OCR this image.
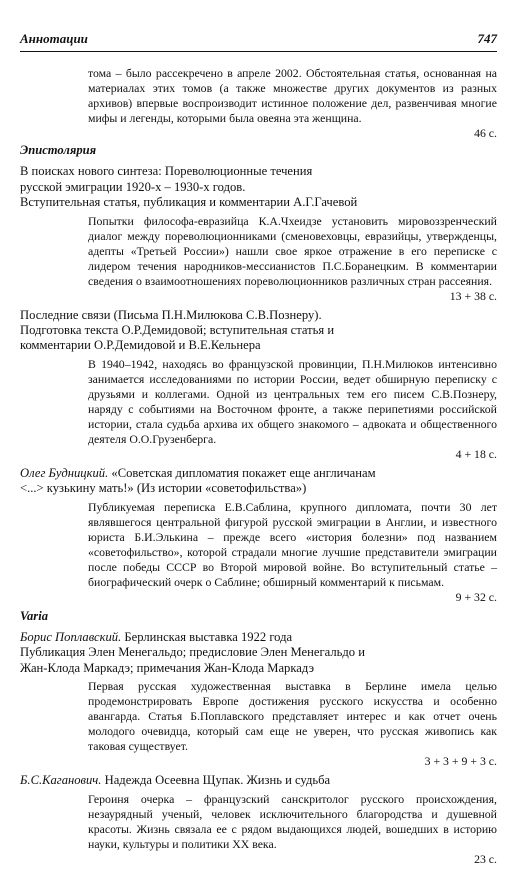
Аннотации	747
тома – было рассекречено в апреле 2002. Обстоятельная статья, основанная на материалах этих томов (а также множестве других документов из разных архивов) впервые воспроизводит истинное положение дел, развенчивая многие мифы и легенды, которыми была овеяна эта женщина.
46 с.
Эпистолярия
В поисках нового синтеза: Пореволюционные течения
русской эмиграции 1920-х – 1930-х годов.
Вступительная статья, публикация и комментарии А.Г.Гачевой
Попытки философа-евразийца К.А.Чхеидзе установить мировоззренческий диалог между пореволюционниками (сменовеховцы, евразийцы, утвержденцы, адепты «Третьей России») нашли свое яркое отражение в его переписке с лидером течения народников-мессианистов П.С.Боранецким. В комментарии сведения о взаимоотношениях пореволюционников различных стран рассеяния.
13 + 38 с.
Последние связи (Письма П.Н.Милюкова С.В.Познеру).
Подготовка текста О.Р.Демидовой; вступительная статья и
комментарии О.Р.Демидовой и В.Е.Кельнера
В 1940–1942, находясь во французской провинции, П.Н.Милюков интенсивно занимается исследованиями по истории России, ведет обширную переписку с друзьями и коллегами. Одной из центральных тем его писем С.В.Познеру, наряду с событиями на Восточном фронте, а также перипетиями российской истории, стала судьба архива их общего знакомого – адвоката и общественного деятеля О.О.Грузенберга.
4 + 18 с.
Олег Будницкий. «Советская дипломатия покажет еще англичанам
<...> кузькину мать!» (Из истории «советофильства»)
Публикуемая переписка Е.В.Саблина, крупного дипломата, почти 30 лет являвшегося центральной фигурой русской эмиграции в Англии, и известного юриста Б.И.Элькина – прежде всего «история болезни» под названием «советофильство», которой страдали многие лучшие представители эмиграции после победы СССР во Второй мировой войне. Во вступительный статье – биографический очерк о Саблине; обширный комментарий к письмам.
9 + 32 с.
Varia
Борис Поплавский. Берлинская выставка 1922 года
Публикация Элен Менегальдо; предисловие Элен Менегальдо и
Жан-Клода Маркадэ; примечания Жан-Клода Маркадэ
Первая русская художественная выставка в Берлине имела целью продемонстрировать Европе достижения русского искусства и особенно авангарда. Статья Б.Поплавского представляет интерес и как отчет очень молодого очевидца, который сам еще не уверен, что русская живопись как таковая существует.
3 + 3 + 9 + 3 с.
Б.С.Каганович. Надежда Осеевна Щупак. Жизнь и судьба
Героиня очерка – французский санскритолог русского происхождения, незаурядный ученый, человек исключительного благородства и душевной красоты. Жизнь связала ее с рядом выдающихся людей, вошедших в историю науки, культуры и политики XX века.
23 с.
